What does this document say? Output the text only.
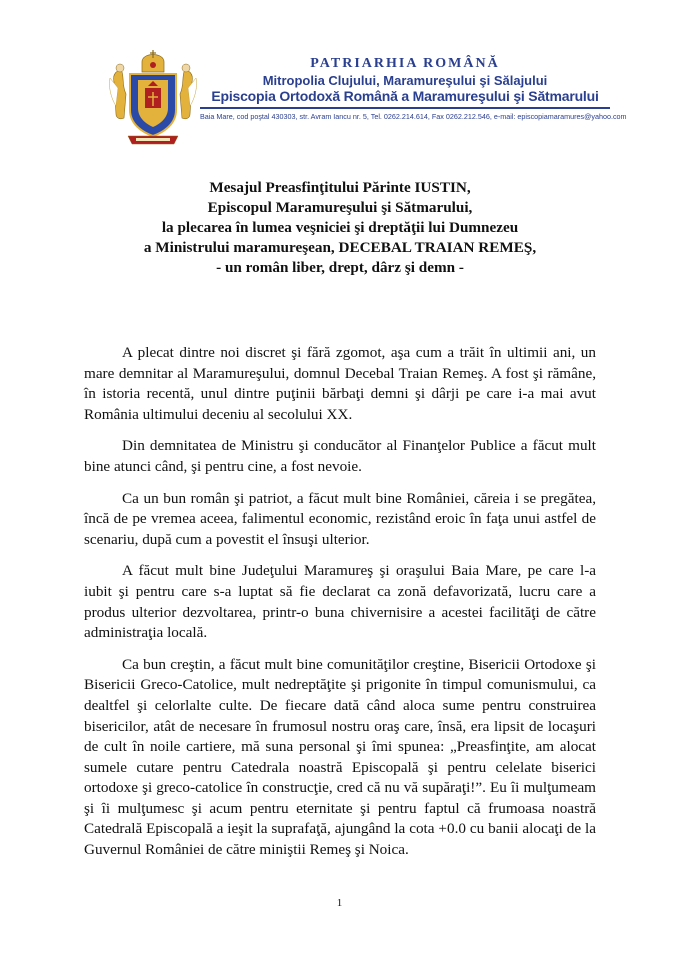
PATRIARHIA ROMÂNĂ
Mitropolia Clujului, Maramureşului şi Sălajului
Episcopia Ortodoxă Română a Maramureşului şi Sătmarului
Baia Mare, cod poştal 430303, str. Avram Iancu nr. 5, Tel. 0262.214.614, Fax 0262.212.546, e-mail: episcopiamaramures@yahoo.com
Mesajul Preasfinţitului Părinte IUSTIN,
Episcopul Maramureşului şi Sătmarului,
la plecarea în lumea veşniciei şi dreptăţii lui Dumnezeu
a Ministrului maramureşean, DECEBAL TRAIAN REMEŞ,
- un român liber, drept, dârz şi demn -

A plecat dintre noi discret şi fără zgomot, aşa cum a trăit în ultimii ani, un mare demnitar al Maramureşului, domnul Decebal Traian Remeş. A fost şi rămâne, în istoria recentă, unul dintre puţinii bărbaţi demni şi dârji pe care i-a mai avut România ultimului deceniu al secolului XX.

Din demnitatea de Ministru şi conducător al Finanţelor Publice a făcut mult bine atunci când, şi pentru cine, a fost nevoie.

Ca un bun român şi patriot, a făcut mult bine României, căreia i se pregătea, încă de pe vremea aceea, falimentul economic, rezistând eroic în faţa unui astfel de scenariu, după cum a povestit el însuşi ulterior.

A făcut mult bine Judeţului Maramureş şi oraşului Baia Mare, pe care l-a iubit şi pentru care s-a luptat să fie declarat ca zonă defavorizată, lucru care a produs ulterior dezvoltarea, printr-o buna chivernisire a acestei facilităţi de către administraţia locală.

Ca bun creştin, a făcut mult bine comunităţilor creştine, Bisericii Ortodoxe şi Bisericii Greco-Catolice, mult nedreptăţite şi prigonite în timpul comunismului, ca dealtfel şi celorlalte culte. De fiecare dată când aloca sume pentru construirea bisericilor, atât de necesare în frumosul nostru oraş care, însă, era lipsit de locaşuri de cult în noile cartiere, mă suna personal şi îmi spunea: „Preasfinţite, am alocat sumele cutare pentru Catedrala noastră Episcopală şi pentru celelate biserici ortodoxe şi greco-catolice în construcţie, cred că nu vă supăraţi!”. Eu îi mulţumeam şi îi mulţumesc şi acum pentru eternitate şi pentru faptul că frumoasa noastră Catedrală Episcopală a ieşit la suprafaţă, ajungând la cota +0.0 cu banii alocaţi de la Guvernul României de către miniştii Remeş şi Noica.

1
